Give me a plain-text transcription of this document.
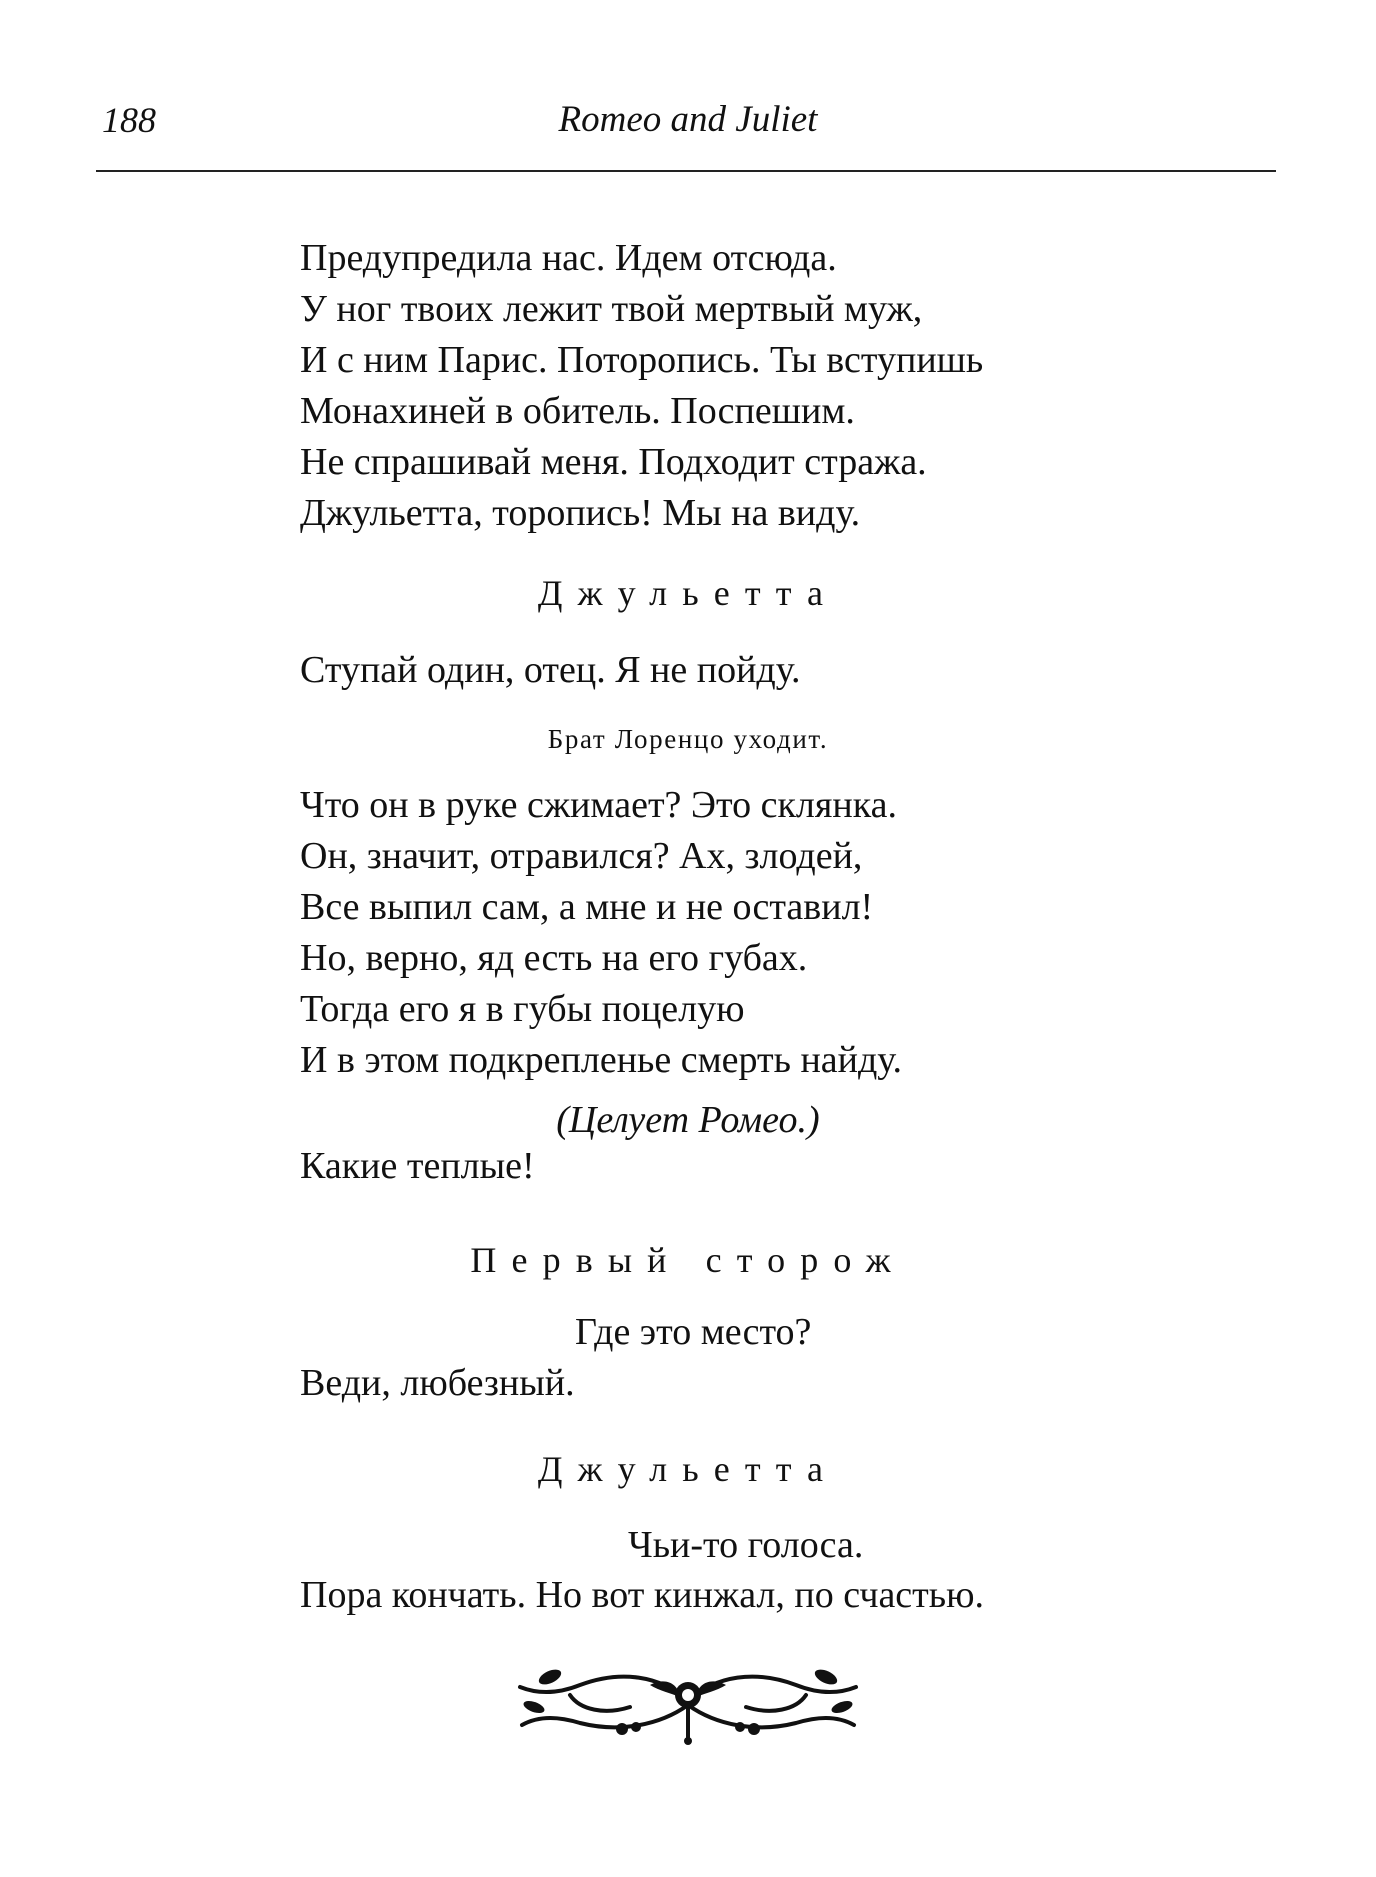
188	Romeo and Juliet
Предупредила нас. Идем отсюда.
У ног твоих лежит твой мертвый муж,
И с ним Парис. Поторопись. Ты вступишь
Монахиней в обитель. Поспешим.
Не спрашивай меня. Подходит стража.
Джульетта, торопись! Мы на виду.
Джульетта
Ступай один, отец. Я не пойду.
Брат Лоренцо уходит.
Что он в руке сжимает? Это склянка.
Он, значит, отравился? Ах, злодей,
Все выпил сам, а мне и не оставил!
Но, верно, яд есть на его губах.
Тогда его я в губы поцелую
И в этом подкрепленье смерть найду.
(Целует Ромео.)
Какие теплые!
Первый сторож
Где это место?
Веди, любезный.
Джульетта
Чьи-то голоса.
Пора кончать. Но вот кинжал, по счастью.
